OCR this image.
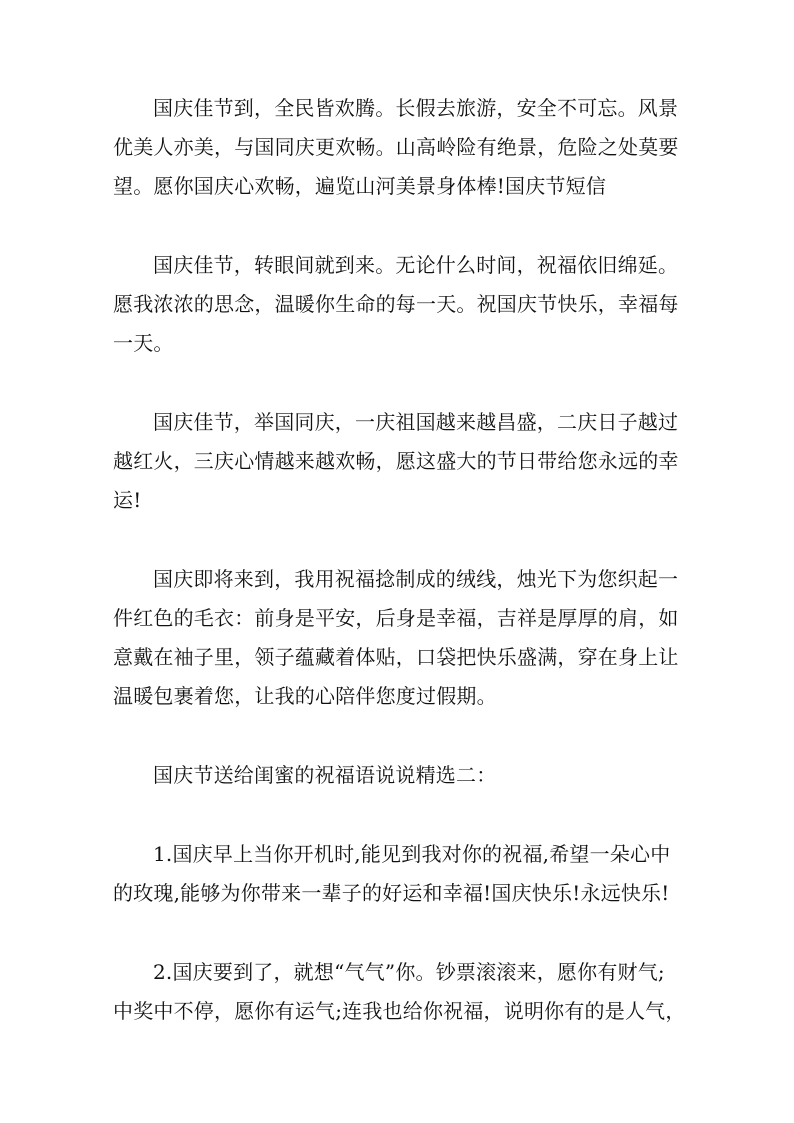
国庆佳节到，全民皆欢腾。长假去旅游，安全不可忘。风景
优美人亦美，与国同庆更欢畅。山高岭险有绝景，危险之处莫要
望。愿你国庆心欢畅，遍览山河美景身体棒!国庆节短信
国庆佳节，转眼间就到来。无论什么时间，祝福依旧绵延。
愿我浓浓的思念，温暖你生命的每一天。祝国庆节快乐，幸福每
一天。
国庆佳节，举国同庆，一庆祖国越来越昌盛，二庆日子越过
越红火，三庆心情越来越欢畅，愿这盛大的节日带给您永远的幸
运!
国庆即将来到，我用祝福捻制成的绒线，烛光下为您织起一
件红色的毛衣：前身是平安，后身是幸福，吉祥是厚厚的肩，如
意戴在袖子里，领子蕴藏着体贴，口袋把快乐盛满，穿在身上让
温暖包裹着您，让我的心陪伴您度过假期。
国庆节送给闺蜜的祝福语说说精选二：
1.国庆早上当你开机时,能见到我对你的祝福,希望一朵心中
的玫瑰,能够为你带来一辈子的好运和幸福!国庆快乐!永远快乐!
2.国庆要到了，就想“气气”你。钞票滚滚来，愿你有财气;
中奖中不停，愿你有运气;连我也给你祝福，说明你有的是人气，
